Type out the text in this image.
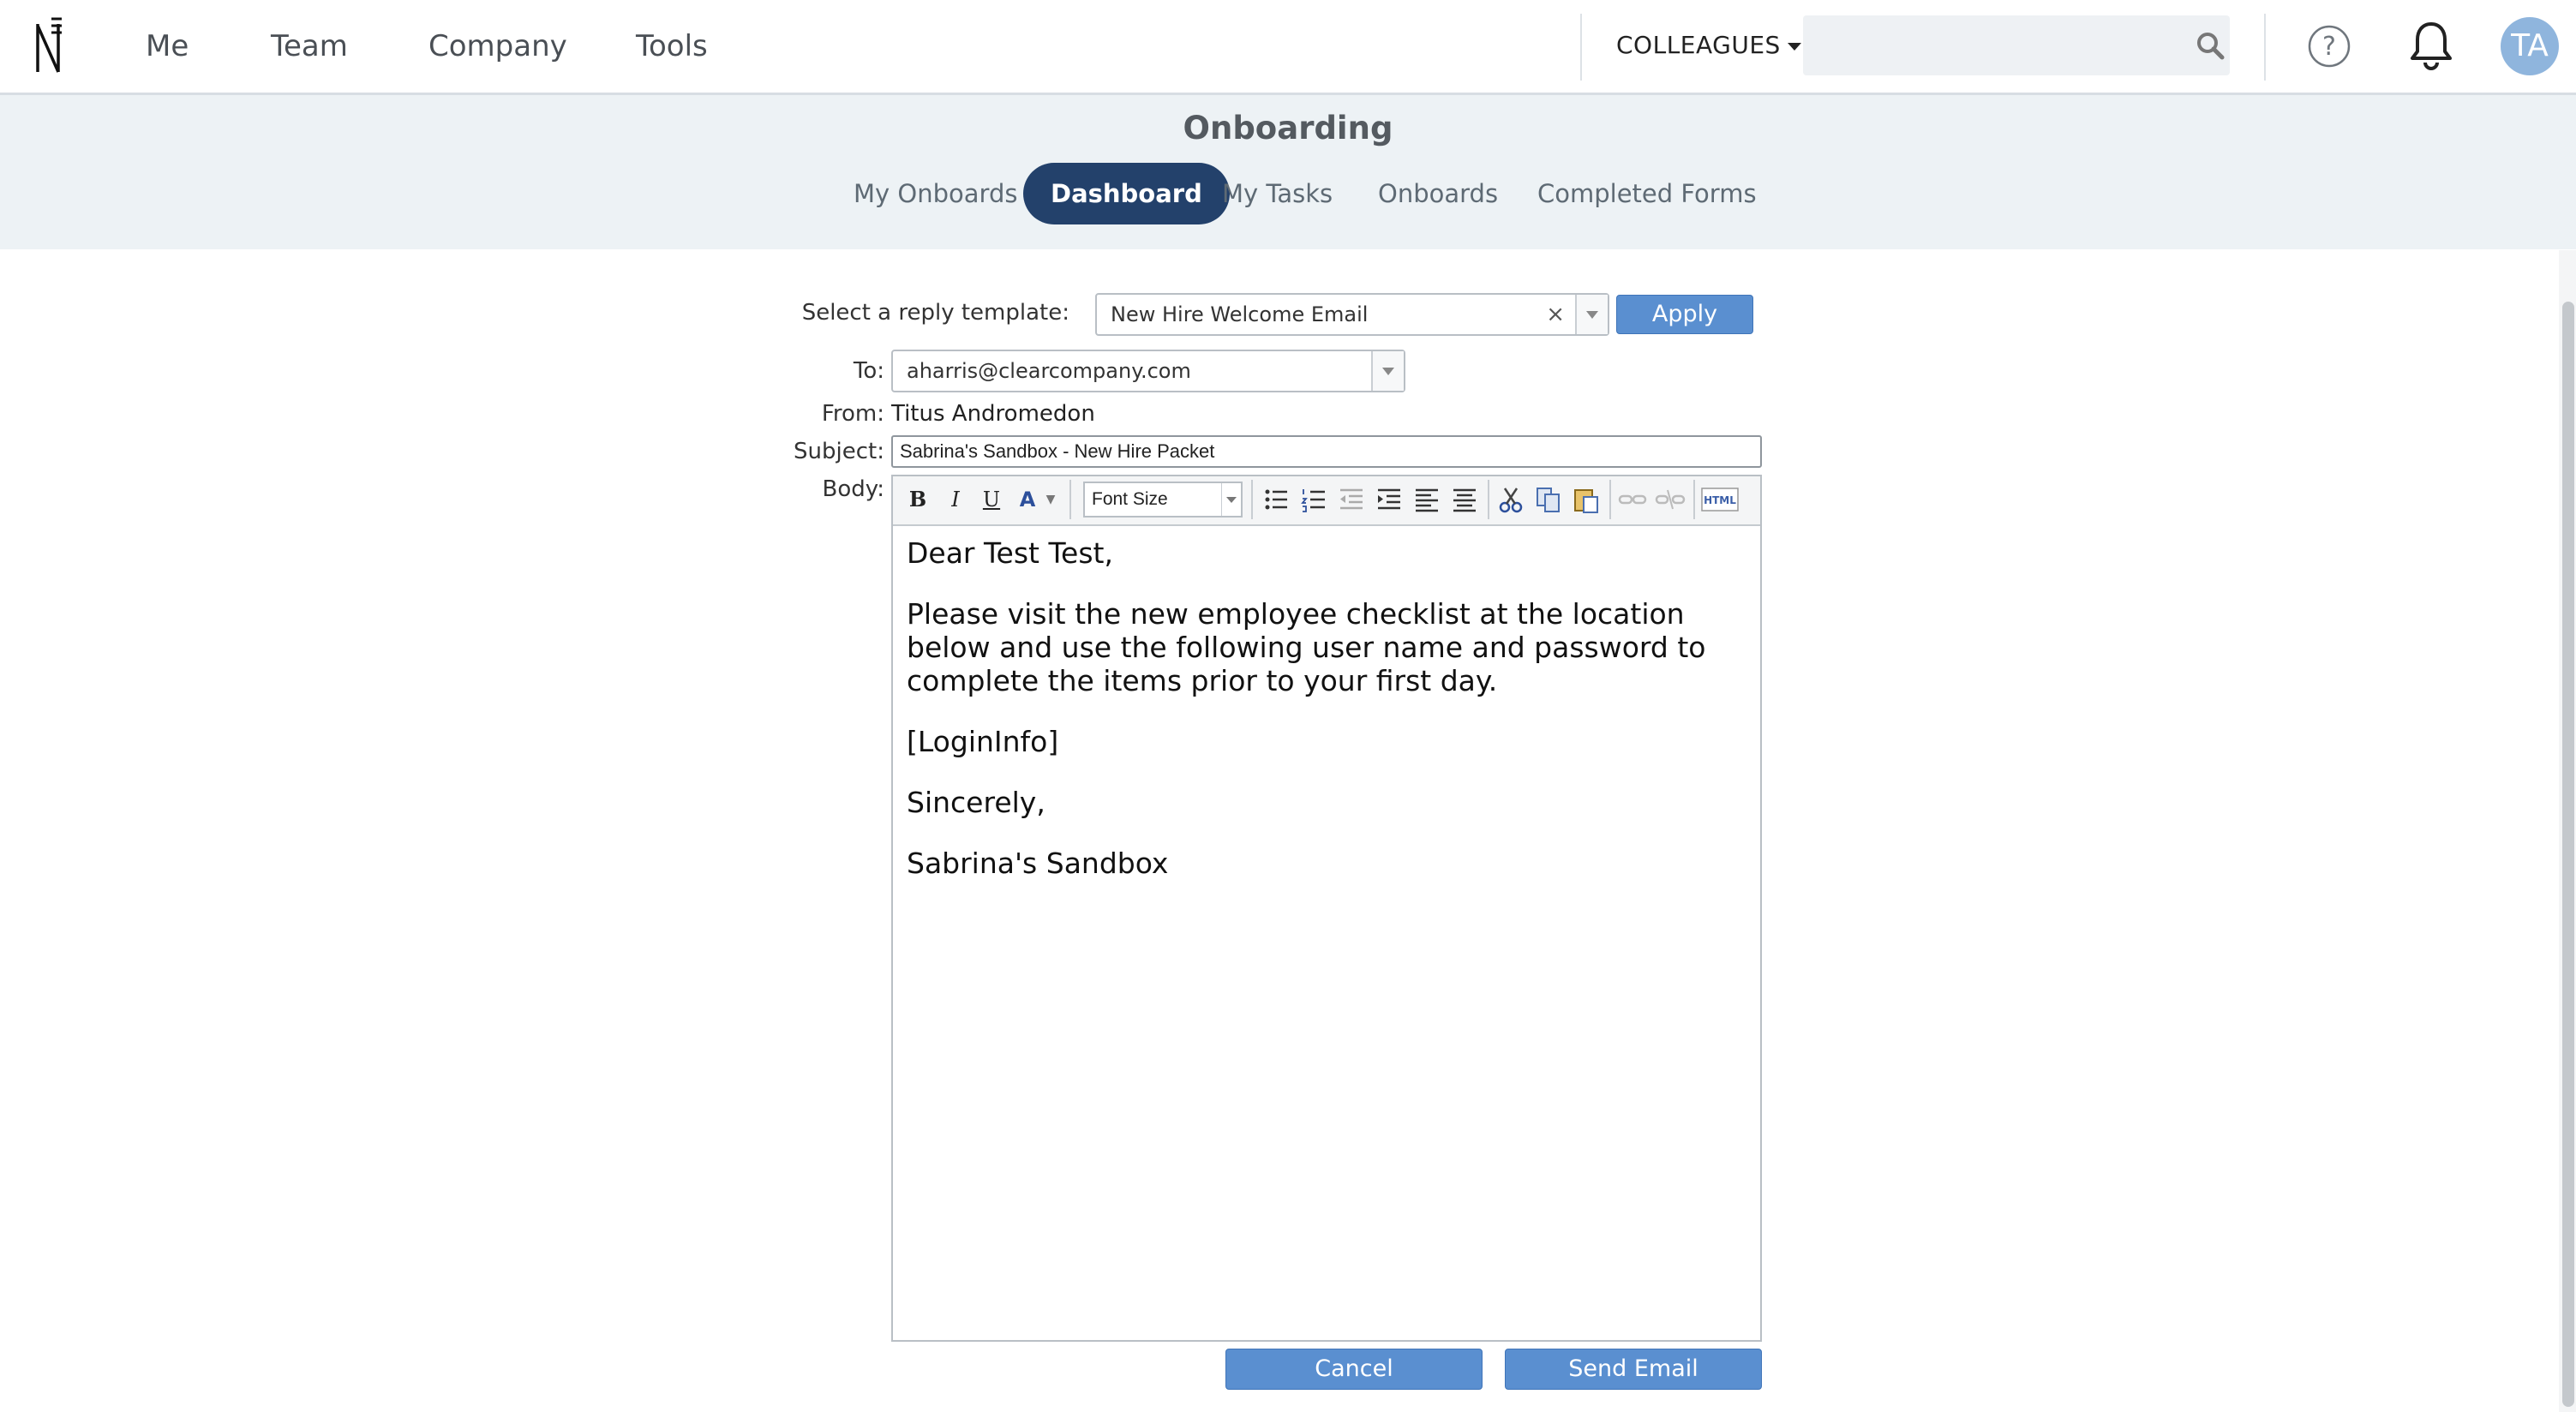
Me	Team	Company Tools	COLLEAGUES	?	TA
Onboarding
My Onboards	Dashboard My Tasks	Onboards	Completed Forms
Select a reply template:	New Hire Welcome Email	×	Apply
To:	aharris@clearcompany.com
From: Titus Andromedon
Subject:
Sabrina's Sandbox - New Hire Packet
Body:	B	I	U A ▼	Font Size	HTML

Dear Test Test,

Please visit the new employee checklist at the location below and use the following user name and password to complete the items prior to your first day.

[LoginInfo]

Sincerely,

Sabrina's Sandbox

Cancel	Send Email
